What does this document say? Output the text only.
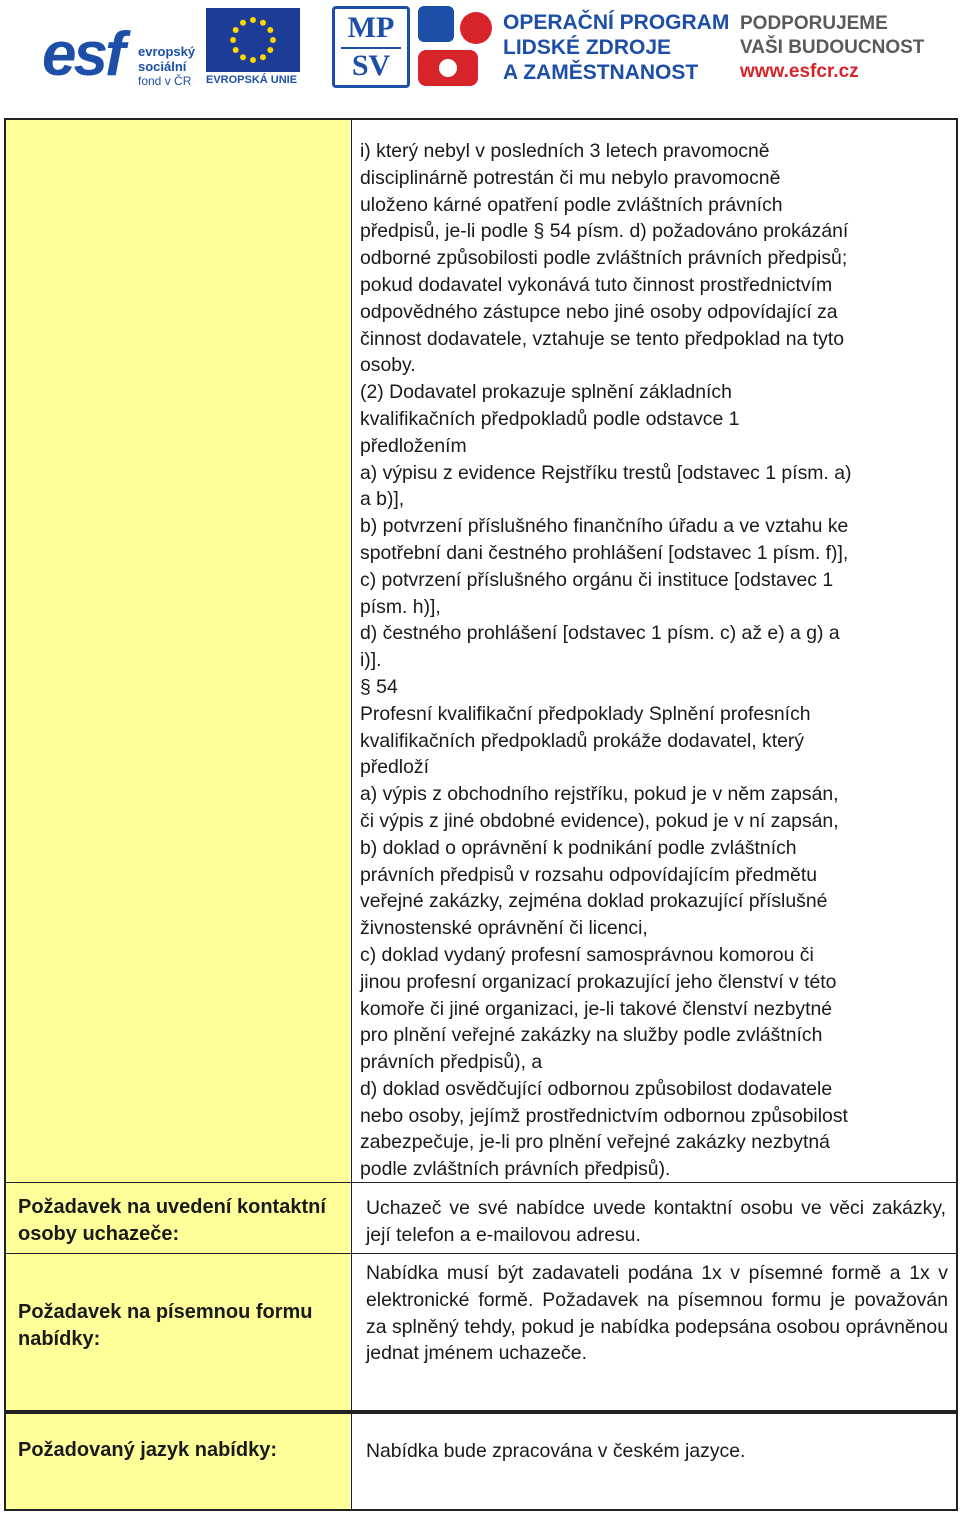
esf evropský
sociální
fond v ČR EVROPSKÁ UNIE
MP
SV
OPERAČNÍ PROGRAM
LIDSKÉ ZDROJE
A ZAMĚSTNANOST
PODPORUJEME
VAŠI BUDOUCNOST
www.esfcr.cz

i) který nebyl v posledních 3 letech pravomocně

disciplinárně potrestán či mu nebylo pravomocně

uloženo kárné opatření podle zvláštních právních

předpisů, je-li podle § 54 písm. d) požadováno prokázání

odborné způsobilosti podle zvláštních právních předpisů;

pokud dodavatel vykonává tuto činnost prostřednictvím

odpovědného zástupce nebo jiné osoby odpovídající za

činnost dodavatele, vztahuje se tento předpoklad na tyto

osoby.

(2) Dodavatel prokazuje splnění základních

kvalifikačních předpokladů podle odstavce 1

předložením

a) výpisu z evidence Rejstříku trestů [odstavec 1 písm. a)

a b)],

b) potvrzení příslušného finančního úřadu a ve vztahu ke

spotřební dani čestného prohlášení [odstavec 1 písm. f)],

c) potvrzení příslušného orgánu či instituce [odstavec 1

písm. h)],

d) čestného prohlášení [odstavec 1 písm. c) až e) a g) a

i)].

§ 54

Profesní kvalifikační předpoklady Splnění profesních

kvalifikačních předpokladů prokáže dodavatel, který

předloží

a) výpis z obchodního rejstříku, pokud je v něm zapsán,

či výpis z jiné obdobné evidence), pokud je v ní zapsán,

b) doklad o oprávnění k podnikání podle zvláštních

právních předpisů v rozsahu odpovídajícím předmětu

veřejné zakázky, zejména doklad prokazující příslušné

živnostenské oprávnění či licenci,

c) doklad vydaný profesní samosprávnou komorou či

jinou profesní organizací prokazující jeho členství v této

komoře či jiné organizaci, je-li takové členství nezbytné

pro plnění veřejné zakázky na služby podle zvláštních

právních předpisů), a

d) doklad osvědčující odbornou způsobilost dodavatele

nebo osoby, jejímž prostřednictvím odbornou způsobilost

zabezpečuje, je-li pro plnění veřejné zakázky nezbytná

podle zvláštních právních předpisů).

Požadavek na uvedení kontaktní osoby uchazeče:
Uchazeč ve své nabídce uvede kontaktní osobu ve věci zakázky, její telefon a e-mailovou adresu.
Požadavek na písemnou formu nabídky:
Nabídka musí být zadavateli podána 1x v písemné formě a 1x v elektronické formě. Požadavek na písemnou formu je považován za splněný tehdy, pokud je nabídka podepsána osobou oprávněnou jednat jménem uchazeče.
Požadovaný jazyk nabídky:	Nabídka bude zpracována v českém jazyce.
